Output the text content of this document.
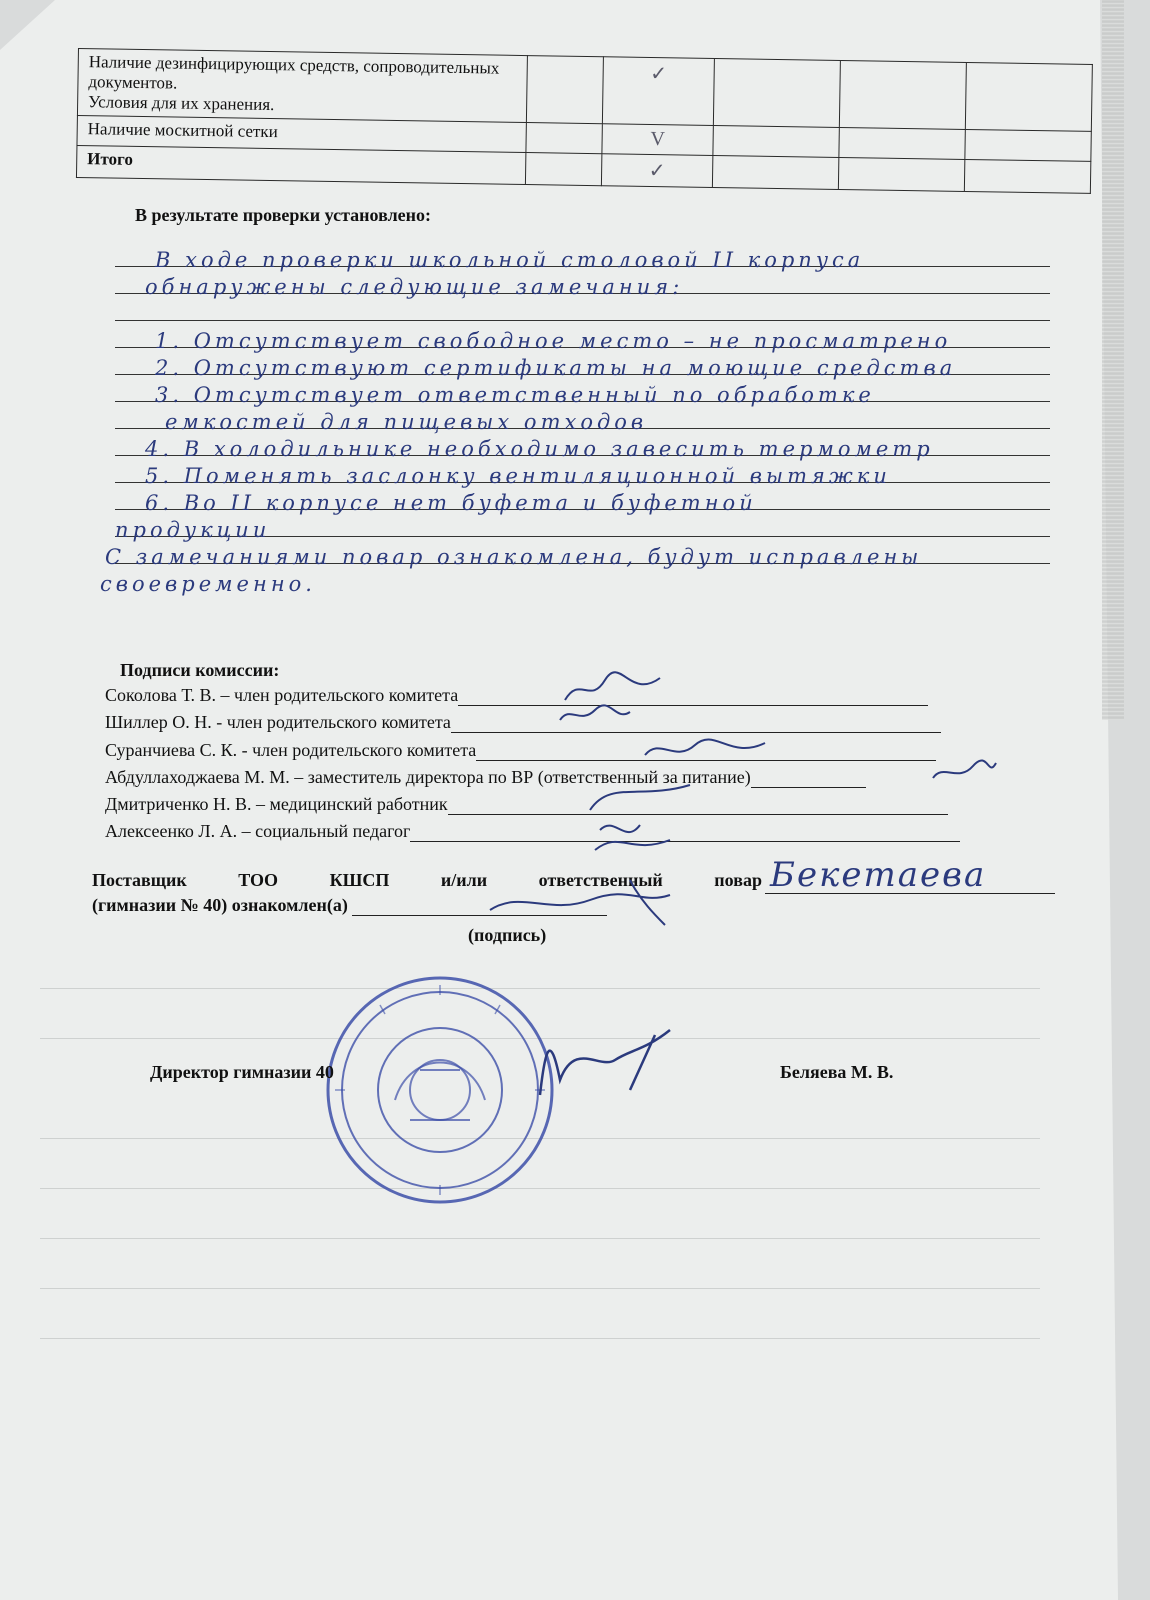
Наличие дезинфицирующих средств, сопроводительных документов.
Условия для их хранения.		✓			
Наличие москитной сетки		V			
Итого		✓			
В результате проверки установлено:
В ходе проверки школьной столовой II корпуса
обнаружены следующие замечания:
1. Отсутствует свободное место – не просматрено
2. Отсутствуют сертификаты на моющие средства
3. Отсутствует ответственный по обработке
емкостей для пищевых отходов
4. В холодильнике необходимо завесить термометр
5. Поменять заслонку вентиляционной вытяжки
6. Во II корпусе нет буфета и буфетной
продукции
С замечаниями повар ознакомлена, будут исправлены
своевременно.
Подписи комиссии:
Соколова Т. В. – член родительского комитета
Шиллер О. Н. - член родительского комитета
Суранчиева С. К. - член родительского комитета
Абдуллаходжаева М. М. – заместитель директора по ВР (ответственный за питание)
Дмитриченко Н. В. – медицинский работник
Алексеенко Л. А. – социальный педагог
Поставщик	ТОО	КШСП	и/или	ответственный	повар
(гимназии № 40) ознакомлен(а)
Бекетаева
(подпись)
Директор гимназии 40	Беляева М. В.
